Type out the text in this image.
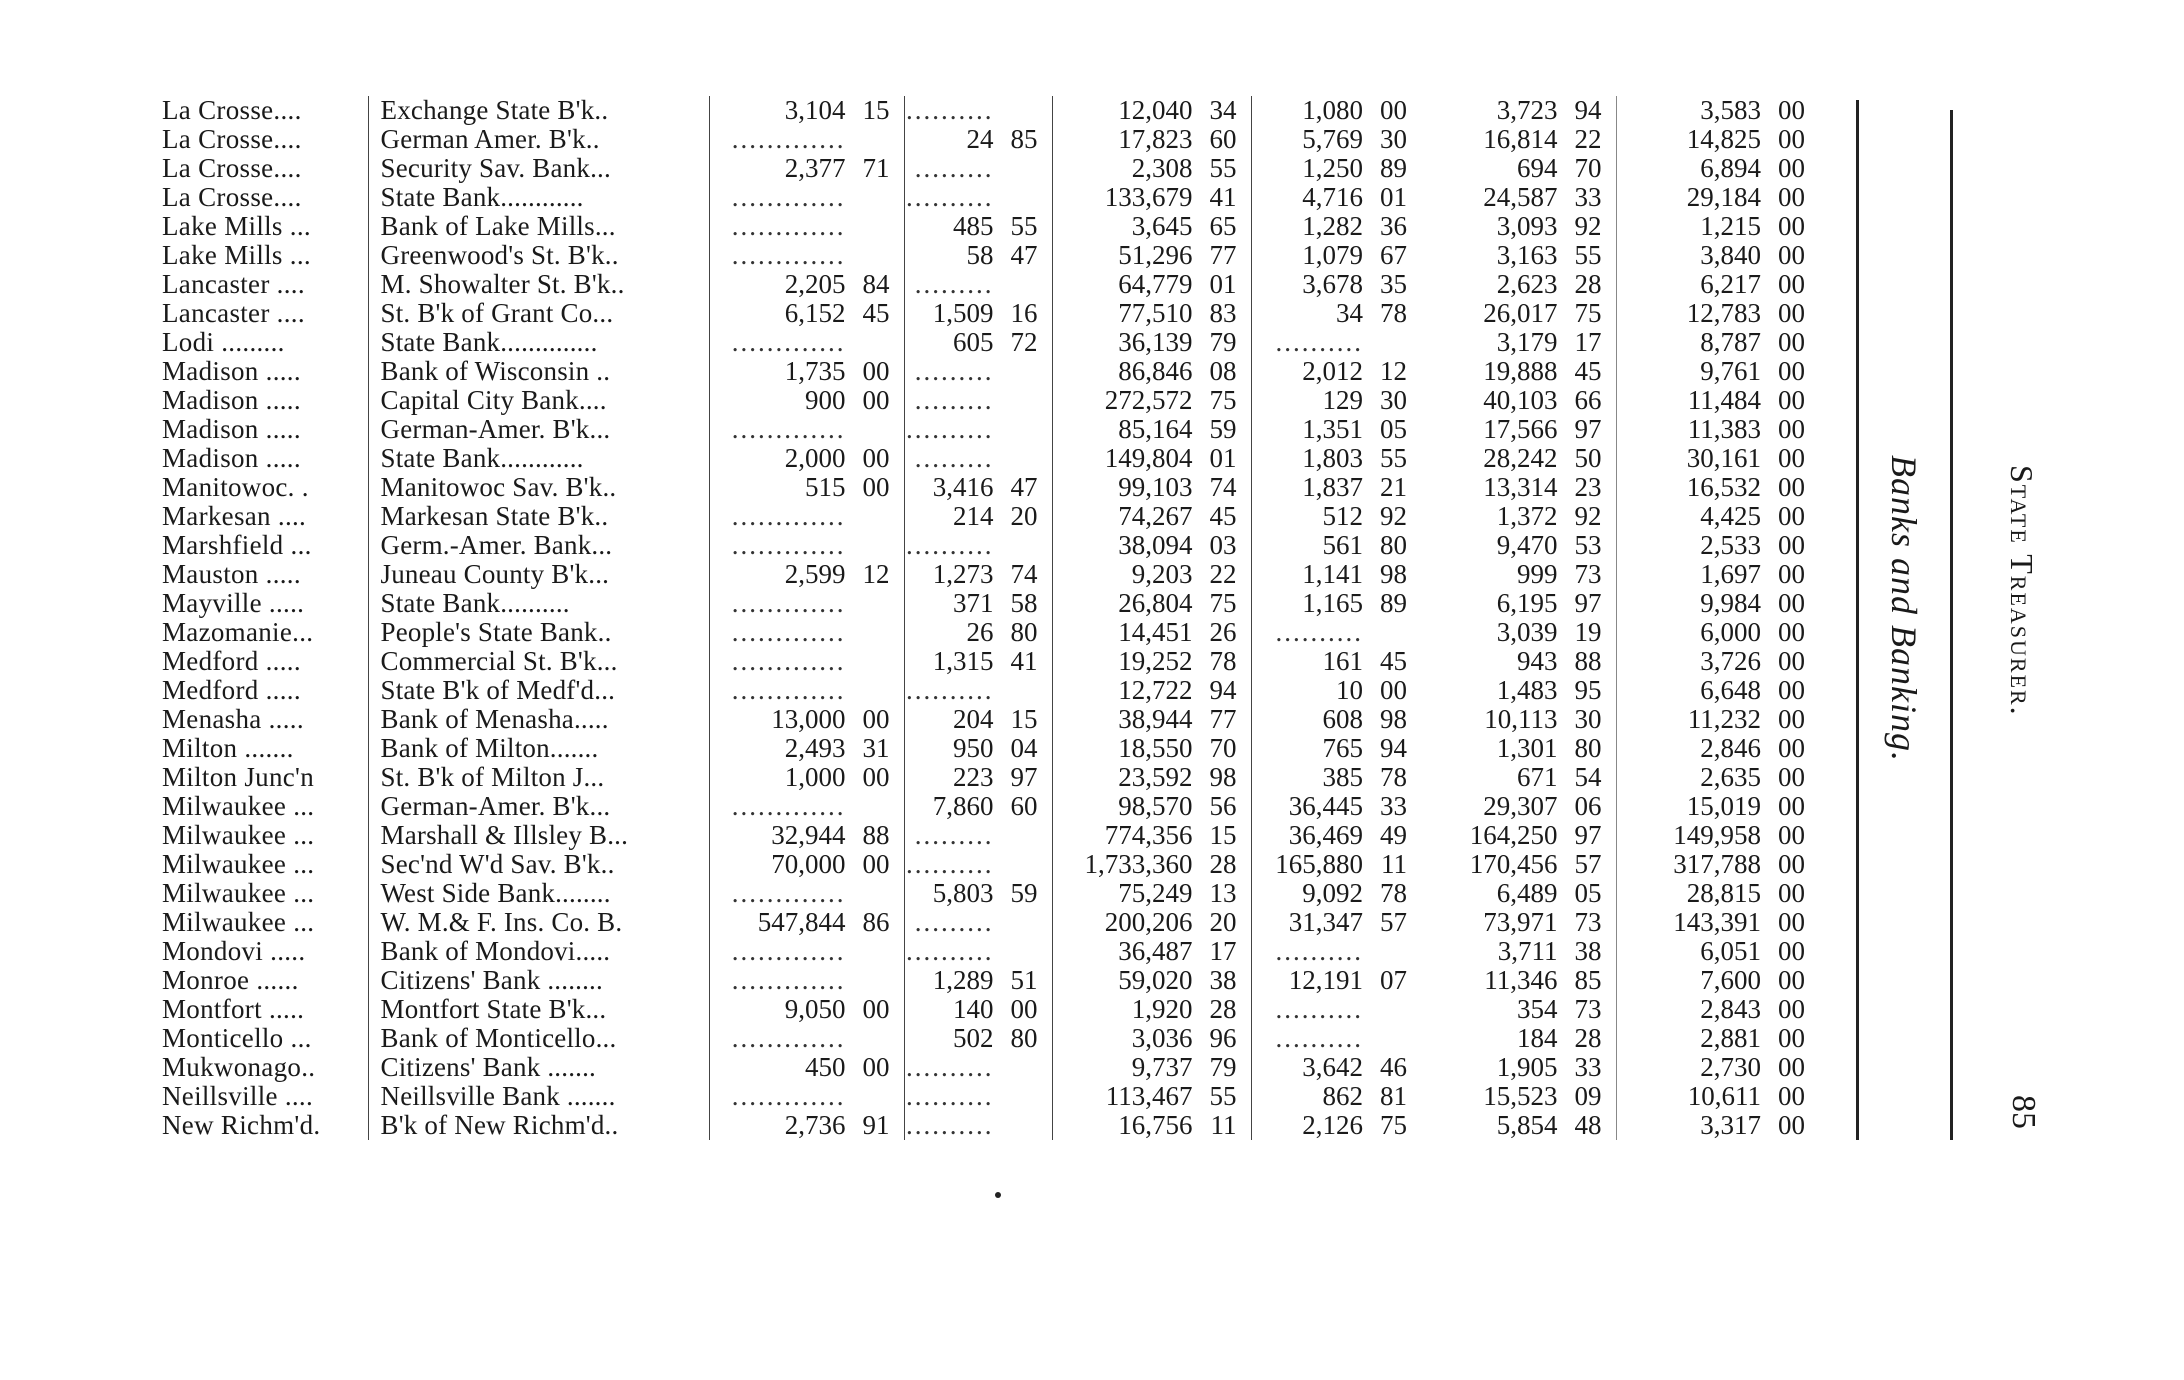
La Crosse....	Exchange State B'k..	3,104 15	..........	12,040 34	1,080 00	3,723 94	3,583 00
La Crosse....	German Amer. B'k..	.............	24 85	17,823 60	5,769 30	16,814 22	14,825 00
La Crosse....	Security Sav. Bank...	2,377 71	.........	2,308 55	1,250 89	694 70	6,894 00
La Crosse....	State Bank............	.............	..........	133,679 41	4,716 01	24,587 33	29,184 00
Lake Mills ...	Bank of Lake Mills...	.............	485 55	3,645 65	1,282 36	3,093 92	1,215 00
Lake Mills ...	Greenwood's St. B'k..	.............	58 47	51,296 77	1,079 67	3,163 55	3,840 00
Lancaster ....	M. Showalter St. B'k..	2,205 84	.........	64,779 01	3,678 35	2,623 28	6,217 00
Lancaster ....	St. B'k of Grant Co...	6,152 45	1,509 16	77,510 83	34 78	26,017 75	12,783 00
Lodi .........	State Bank..............	.............	605 72	36,139 79	..........	3,179 17	8,787 00
Madison .....	Bank of Wisconsin ..	1,735 00	.........	86,846 08	2,012 12	19,888 45	9,761 00
Madison .....	Capital City Bank....	900 00	.........	272,572 75	129 30	40,103 66	11,484 00
Madison .....	German-Amer. B'k...	.............	..........	85,164 59	1,351 05	17,566 97	11,383 00
Madison .....	State Bank............	2,000 00	.........	149,804 01	1,803 55	28,242 50	30,161 00
Manitowoc. .	Manitowoc Sav. B'k..	515 00	3,416 47	99,103 74	1,837 21	13,314 23	16,532 00
Markesan ....	Markesan State B'k..	.............	214 20	74,267 45	512 92	1,372 92	4,425 00
Marshfield ...	Germ.-Amer. Bank...	.............	..........	38,094 03	561 80	9,470 53	2,533 00
Mauston .....	Juneau County B'k...	2,599 12	1,273 74	9,203 22	1,141 98	999 73	1,697 00
Mayville .....	State Bank..........	.............	371 58	26,804 75	1,165 89	6,195 97	9,984 00
Mazomanie...	People's State Bank..	.............	26 80	14,451 26	..........	3,039 19	6,000 00
Medford .....	Commercial St. B'k...	.............	1,315 41	19,252 78	161 45	943 88	3,726 00
Medford .....	State B'k of Medf'd...	.............	..........	12,722 94	10 00	1,483 95	6,648 00
Menasha .....	Bank of Menasha.....	13,000 00	204 15	38,944 77	608 98	10,113 30	11,232 00
Milton .......	Bank of Milton.......	2,493 31	950 04	18,550 70	765 94	1,301 80	2,846 00
Milton Junc'n	St. B'k of Milton J...	1,000 00	223 97	23,592 98	385 78	671 54	2,635 00
Milwaukee ...	German-Amer. B'k...	.............	7,860 60	98,570 56	36,445 33	29,307 06	15,019 00
Milwaukee ...	Marshall & Illsley B...	32,944 88	.........	774,356 15	36,469 49	164,250 97	149,958 00
Milwaukee ...	Sec'nd W'd Sav. B'k..	70,000 00	..........	1,733,360 28	165,880 11	170,456 57	317,788 00
Milwaukee ...	West Side Bank........	.............	5,803 59	75,249 13	9,092 78	6,489 05	28,815 00
Milwaukee ...	W. M.& F. Ins. Co. B.	547,844 86	.........	200,206 20	31,347 57	73,971 73	143,391 00
Mondovi .....	Bank of Mondovi.....	.............	..........	36,487 17	..........	3,711 38	6,051 00
Monroe ......	Citizens' Bank ........	.............	1,289 51	59,020 38	12,191 07	11,346 85	7,600 00
Montfort .....	Montfort State B'k...	9,050 00	140 00	1,920 28	..........	354 73	2,843 00
Monticello ...	Bank of Monticello...	.............	502 80	3,036 96	..........	184 28	2,881 00
Mukwonago..	Citizens' Bank .......	450 00	..........	9,737 79	3,642 46	1,905 33	2,730 00
Neillsville ....	Neillsville Bank .......	.............	..........	113,467 55	862 81	15,523 09	10,611 00
New Richm'd.	B'k of New Richm'd..	2,736 91	..........	16,756 11	2,126 75	5,854 48	3,317 00
Banks and Banking.	State Treasurer.
85
